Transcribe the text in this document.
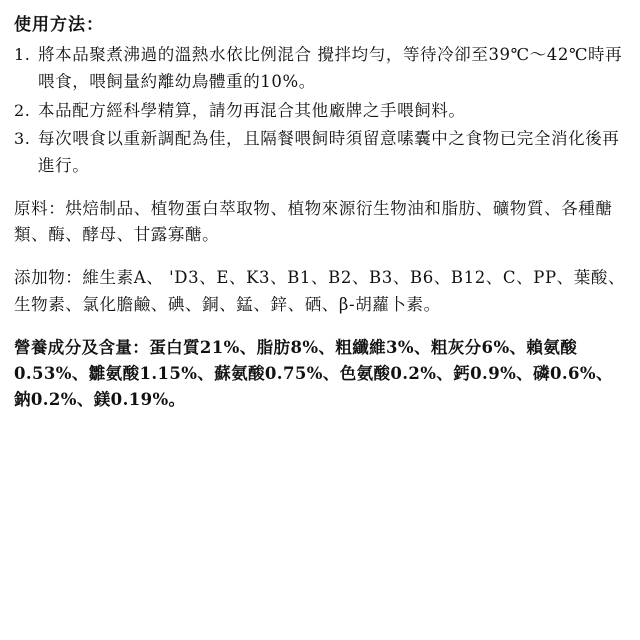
使用方法：
1. 將本品聚煮沸過的溫熱水依比例混合 攪拌均勻，等待冷卻至39℃～42℃時再喂食，喂飼量約離幼鳥體重的10%。
2. 本品配方經科學精算，請勿再混合其他廠牌之手喂飼料。
3. 每次喂食以重新調配為佳，且隔餐喂飼時須留意嗉囊中之食物已完全消化後再進行。

原料：烘焙制品、植物蛋白萃取物、植物來源衍生物油和脂肪、礦物質、各種醣類、酶、酵母、甘露寡醣。

添加物：維生素A、 'D3、E、K3、B1、B2、B3、B6、B12、C、PP、葉酸、生物素、氯化膽鹼、碘、銅、錳、鋅、硒、β-胡蘿卜素。

營養成分及含量：蛋白質21%、脂肪8%、粗纖維3%、粗灰分6%、賴氨酸0.53%、雛氨酸1.15%、蘇氨酸0.75%、色氨酸0.2%、鈣0.9%、磷0.6%、鈉0.2%、鎂0.19%。
